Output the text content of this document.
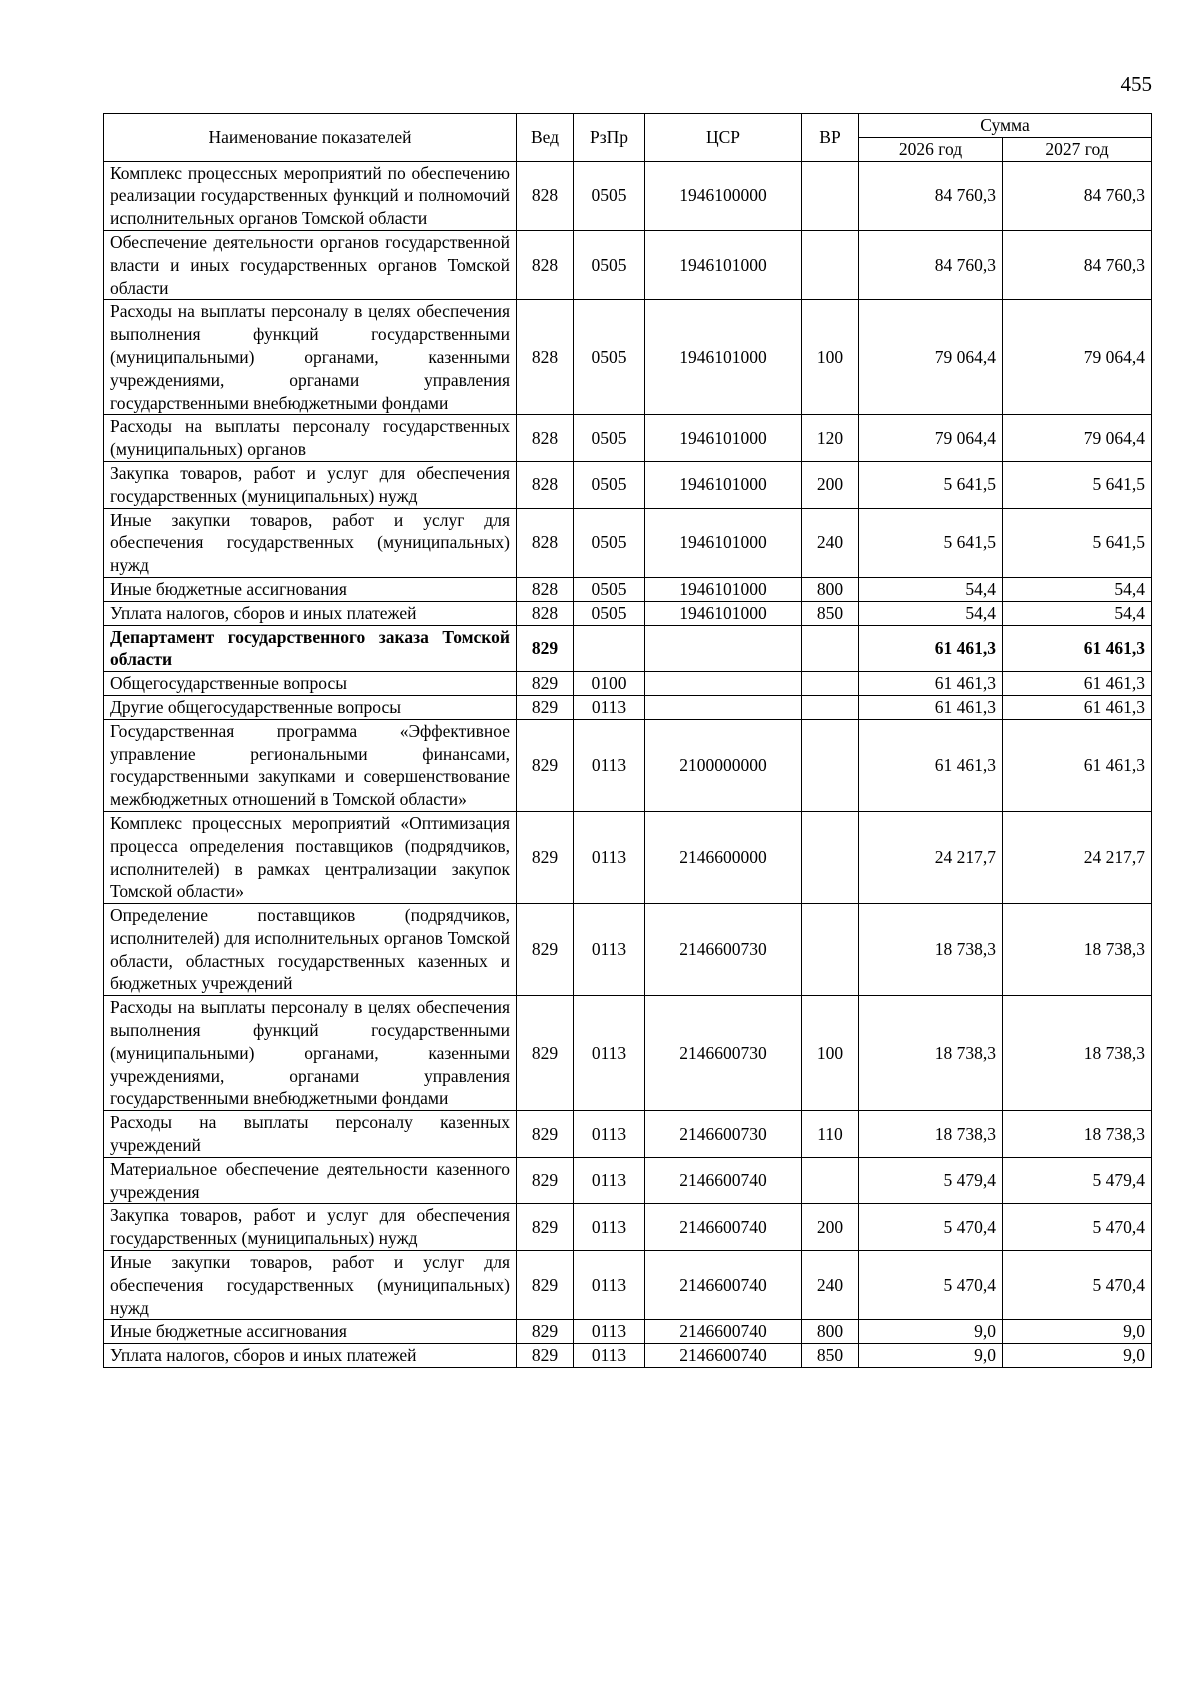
455
Наименование показателей	Вед	РзПр	ЦСР	ВР	Сумма	
					2026 год	2027 год
Комплекс процессных мероприятий по обеспечению реализации государственных функций и полномочий исполнительных органов Томской области	828	0505	1946100000		84 760,3	84 760,3
Обеспечение деятельности органов государственной власти и иных государственных органов Томской области	828	0505	1946101000		84 760,3	84 760,3
Расходы на выплаты персоналу в целях обеспечения выполнения функций государственными (муниципальными) органами, казенными учреждениями, органами управления государственными внебюджетными фондами	828	0505	1946101000	100	79 064,4	79 064,4
Расходы на выплаты персоналу государственных (муниципальных) органов	828	0505	1946101000	120	79 064,4	79 064,4
Закупка товаров, работ и услуг для обеспечения государственных (муниципальных) нужд	828	0505	1946101000	200	5 641,5	5 641,5
Иные закупки товаров, работ и услуг для обеспечения государственных (муниципальных) нужд	828	0505	1946101000	240	5 641,5	5 641,5
Иные бюджетные ассигнования	828	0505	1946101000	800	54,4	54,4
Уплата налогов, сборов и иных платежей	828	0505	1946101000	850	54,4	54,4
Департамент государственного заказа Томской области	829				61 461,3	61 461,3
Общегосударственные вопросы	829	0100			61 461,3	61 461,3
Другие общегосударственные вопросы	829	0113			61 461,3	61 461,3
Государственная программа «Эффективное управление региональными финансами, государственными закупками и совершенствование межбюджетных отношений в Томской области»	829	0113	2100000000		61 461,3	61 461,3
Комплекс процессных мероприятий «Оптимизация процесса определения поставщиков (подрядчиков, исполнителей) в рамках централизации закупок Томской области»	829	0113	2146600000		24 217,7	24 217,7
Определение поставщиков (подрядчиков, исполнителей) для исполнительных органов Томской области, областных государственных казенных и бюджетных учреждений	829	0113	2146600730		18 738,3	18 738,3
Расходы на выплаты персоналу в целях обеспечения выполнения функций государственными (муниципальными) органами, казенными учреждениями, органами управления государственными внебюджетными фондами	829	0113	2146600730	100	18 738,3	18 738,3
Расходы на выплаты персоналу казенных учреждений	829	0113	2146600730	110	18 738,3	18 738,3
Материальное обеспечение деятельности казенного учреждения	829	0113	2146600740		5 479,4	5 479,4
Закупка товаров, работ и услуг для обеспечения государственных (муниципальных) нужд	829	0113	2146600740	200	5 470,4	5 470,4
Иные закупки товаров, работ и услуг для обеспечения государственных (муниципальных) нужд	829	0113	2146600740	240	5 470,4	5 470,4
Иные бюджетные ассигнования	829	0113	2146600740	800	9,0	9,0
Уплата налогов, сборов и иных платежей	829	0113	2146600740	850	9,0	9,0
